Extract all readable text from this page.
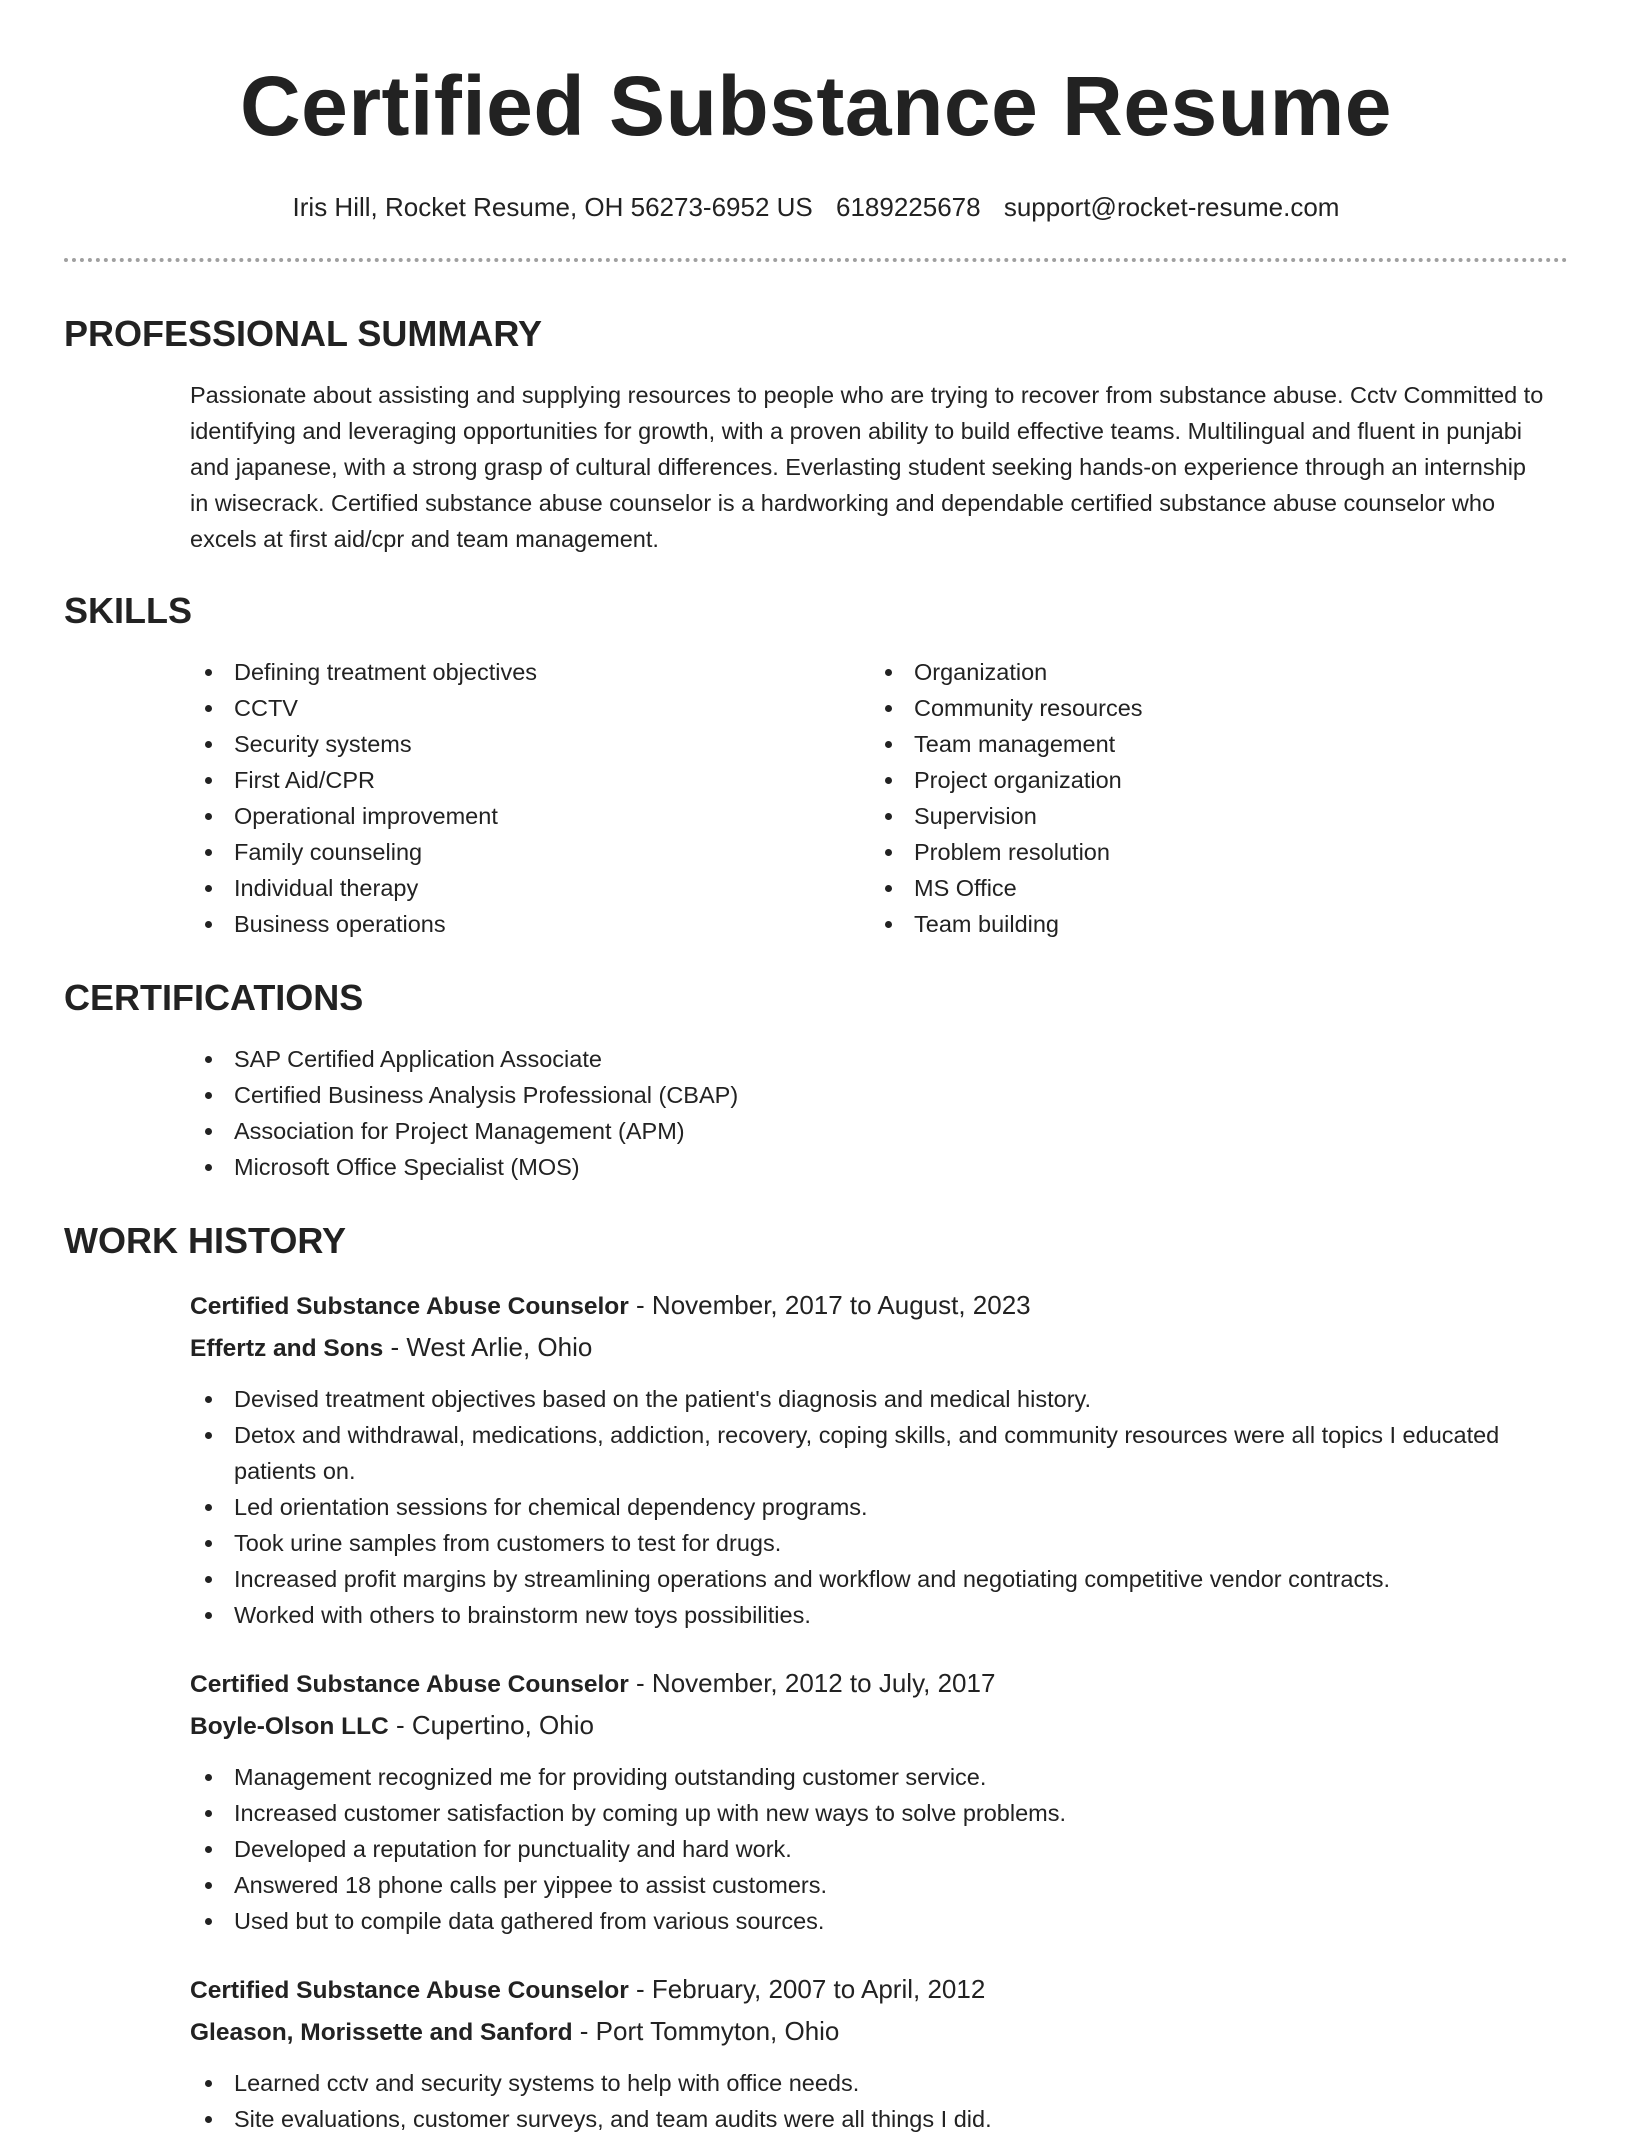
Certified Substance Resume
Iris Hill, Rocket Resume, OH 56273-6952 US 6189225678 support@rocket-resume.com
PROFESSIONAL SUMMARY

Passionate about assisting and supplying resources to people who are trying to recover from substance abuse. Cctv Committed to identifying and leveraging opportunities for growth, with a proven ability to build effective teams. Multilingual and fluent in punjabi and japanese, with a strong grasp of cultural differences. Everlasting student seeking hands-on experience through an internship in wisecrack. Certified substance abuse counselor is a hardworking and dependable certified substance abuse counselor who excels at first aid/cpr and team management.

SKILLS
Defining treatment objectives
CCTV
Security systems
First Aid/CPR
Operational improvement
Family counseling
Individual therapy
Business operations
Organization
Community resources
Team management
Project organization
Supervision
Problem resolution
MS Office
Team building
CERTIFICATIONS
SAP Certified Application Associate
Certified Business Analysis Professional (CBAP)
Association for Project Management (APM)
Microsoft Office Specialist (MOS)
WORK HISTORY
Certified Substance Abuse Counselor - November, 2017 to August, 2023
Effertz and Sons - West Arlie, Ohio
Devised treatment objectives based on the patient's diagnosis and medical history.
Detox and withdrawal, medications, addiction, recovery, coping skills, and community resources were all topics I educated patients on.
Led orientation sessions for chemical dependency programs.
Took urine samples from customers to test for drugs.
Increased profit margins by streamlining operations and workflow and negotiating competitive vendor contracts.
Worked with others to brainstorm new toys possibilities.
Certified Substance Abuse Counselor - November, 2012 to July, 2017
Boyle-Olson LLC - Cupertino, Ohio
Management recognized me for providing outstanding customer service.
Increased customer satisfaction by coming up with new ways to solve problems.
Developed a reputation for punctuality and hard work.
Answered 18 phone calls per yippee to assist customers.
Used but to compile data gathered from various sources.
Certified Substance Abuse Counselor - February, 2007 to April, 2012
Gleason, Morissette and Sanford - Port Tommyton, Ohio
Learned cctv and security systems to help with office needs.
Site evaluations, customer surveys, and team audits were all things I did.
